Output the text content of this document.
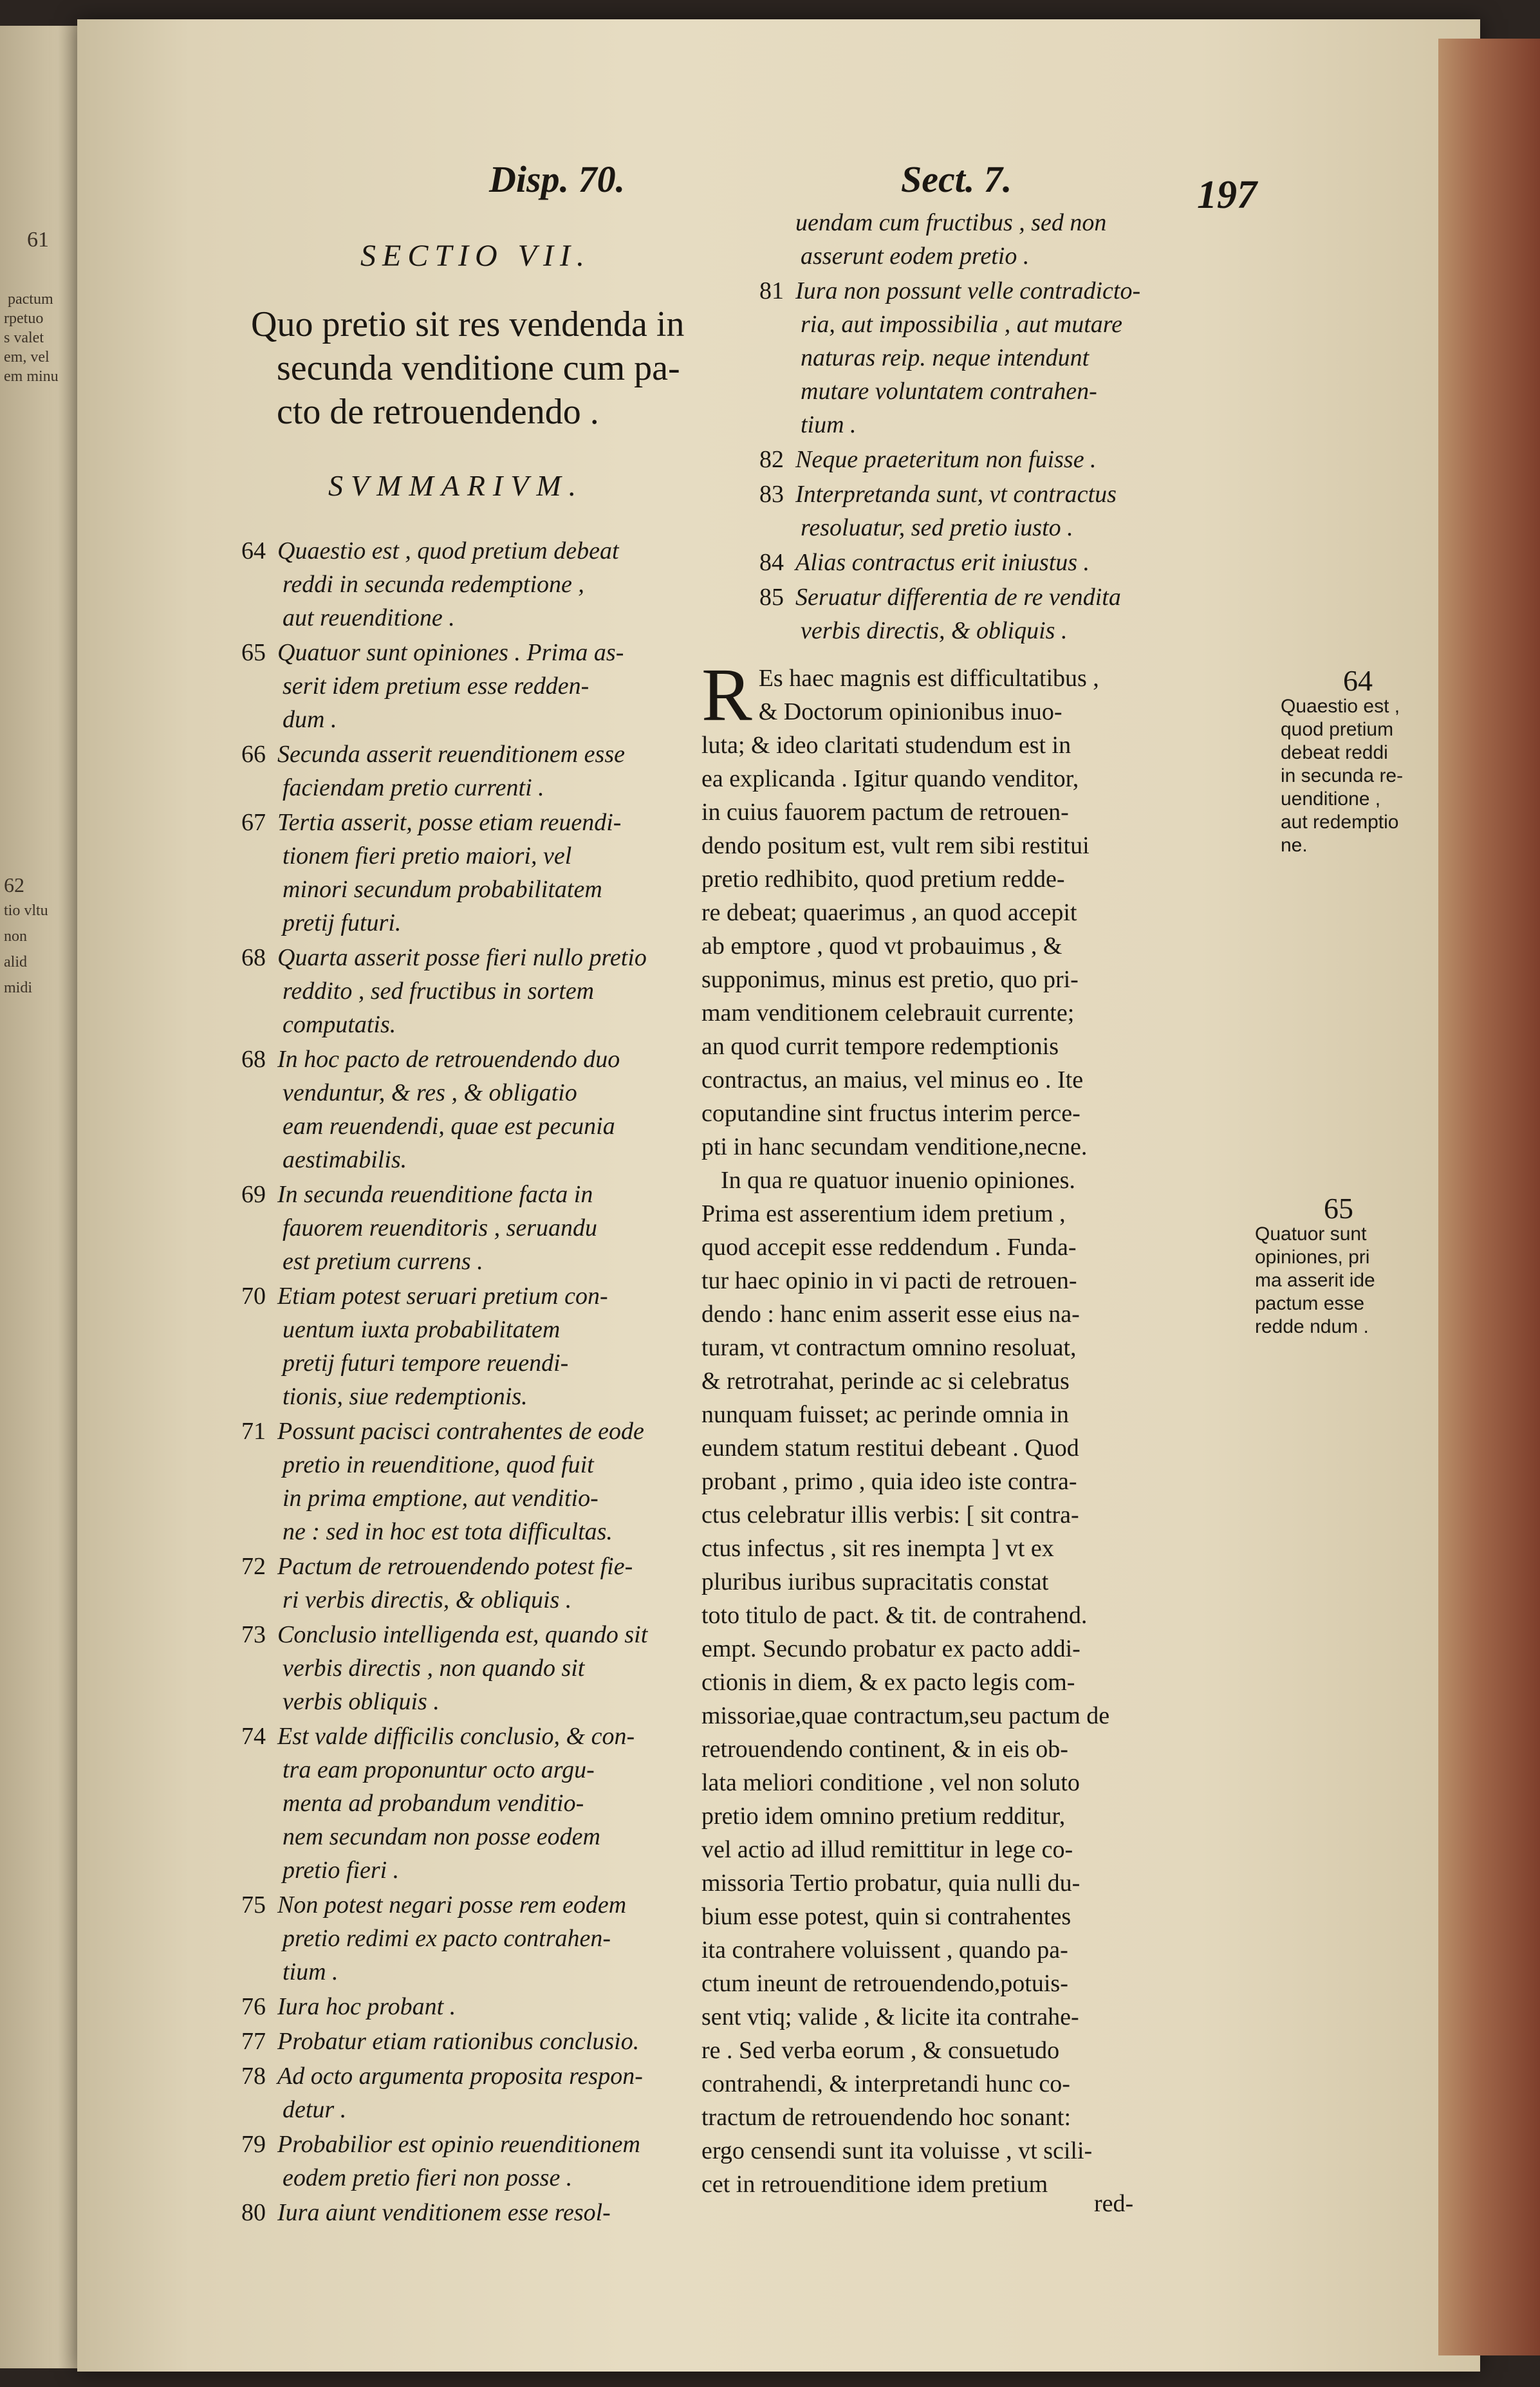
61
pactum
rpetuo
s valet
em, vel
em minu
62
tio vltu
non
alid
midi
Disp. 70.	Sect. 7.	197
SECTIO VII.
Quo pretio sit res vendenda in
secunda venditione cum pa-
cto de retrouendendo .
SVMMARIVM.
64 Quaestio est , quod pretium debeat
reddi in secunda redemptione ,
aut reuenditione .
65 Quatuor sunt opiniones . Prima as-
serit idem pretium esse redden-
dum .
66 Secunda asserit reuenditionem esse
faciendam pretio currenti .
67 Tertia asserit, posse etiam reuendi-
tionem fieri pretio maiori, vel
minori secundum probabilitatem
pretij futuri.
68 Quarta asserit posse fieri nullo pretio
reddito , sed fructibus in sortem
computatis.
68 In hoc pacto de retrouendendo duo
venduntur, & res , & obligatio
eam reuendendi, quae est pecunia
aestimabilis.
69 In secunda reuenditione facta in
fauorem reuenditoris , seruandu
est pretium currens .
70 Etiam potest seruari pretium con-
uentum iuxta probabilitatem
pretij futuri tempore reuendi-
tionis, siue redemptionis.
71 Possunt pacisci contrahentes de eode
pretio in reuenditione, quod fuit
in prima emptione, aut venditio-
ne : sed in hoc est tota difficultas.
72 Pactum de retrouendendo potest fie-
ri verbis directis, & obliquis .
73 Conclusio intelligenda est, quando sit
verbis directis , non quando sit
verbis obliquis .
74 Est valde difficilis conclusio, & con-
tra eam proponuntur octo argu-
menta ad probandum venditio-
nem secundam non posse eodem
pretio fieri .
75 Non potest negari posse rem eodem
pretio redimi ex pacto contrahen-
tium .
76 Iura hoc probant .
77 Probatur etiam rationibus conclusio.
78 Ad octo argumenta proposita respon-
detur .
79 Probabilior est opinio reuenditionem
eodem pretio fieri non posse .
80 Iura aiunt venditionem esse resol-
uendam cum fructibus , sed non
asserunt eodem pretio .
81 Iura non possunt velle contradicto-
ria, aut impossibilia , aut mutare
naturas reip. neque intendunt
mutare voluntatem contrahen-
tium .
82 Neque praeteritum non fuisse .
83 Interpretanda sunt, vt contractus
resoluatur, sed pretio iusto .
84 Alias contractus erit iniustus .
85 Seruatur differentia de re vendita
verbis directis, & obliquis .
R Es haec magnis est difficultatibus ,
& Doctorum opinionibus inuo-
luta; & ideo claritati studendum est in
ea explicanda . Igitur quando venditor,
in cuius fauorem pactum de retrouen-
dendo positum est, vult rem sibi restitui
pretio redhibito, quod pretium redde-
re debeat; quaerimus , an quod accepit
ab emptore , quod vt probauimus , &
supponimus, minus est pretio, quo pri-
mam venditionem celebrauit currente;
an quod currit tempore redemptionis
contractus, an maius, vel minus eo . Ite
coputandine sint fructus interim perce-
pti in hanc secundam venditione,necne.
In qua re quatuor inuenio opiniones.
Prima est asserentium idem pretium ,
quod accepit esse reddendum . Funda-
tur haec opinio in vi pacti de retrouen-
dendo : hanc enim asserit esse eius na-
turam, vt contractum omnino resoluat,
& retrotrahat, perinde ac si celebratus
nunquam fuisset; ac perinde omnia in
eundem statum restitui debeant . Quod
probant , primo , quia ideo iste contra-
ctus celebratur illis verbis: [ sit contra-
ctus infectus , sit res inempta ] vt ex
pluribus iuribus supracitatis constat
toto titulo de pact. & tit. de contrahend.
empt. Secundo probatur ex pacto addi-
ctionis in diem, & ex pacto legis com-
missoriae,quae contractum,seu pactum de
retrouendendo continent, & in eis ob-
lata meliori conditione , vel non soluto
pretio idem omnino pretium redditur,
vel actio ad illud remittitur in lege co-
missoria Tertio probatur, quia nulli du-
bium esse potest, quin si contrahentes
ita contrahere voluissent , quando pa-
ctum ineunt de retrouendendo,potuis-
sent vtiq; valide , & licite ita contrahe-
re . Sed verba eorum , & consuetudo
contrahendi, & interpretandi hunc co-
tractum de retrouendendo hoc sonant:
ergo censendi sunt ita voluisse , vt scili-
cet in retrouenditione idem pretium
red-
64
Quaestio est ,
quod pretium
debeat reddi
in secunda re-
uenditione ,
aut redemptio
ne.
65
Quatuor sunt
opiniones, pri
ma asserit ide
pactum esse
redde ndum .
